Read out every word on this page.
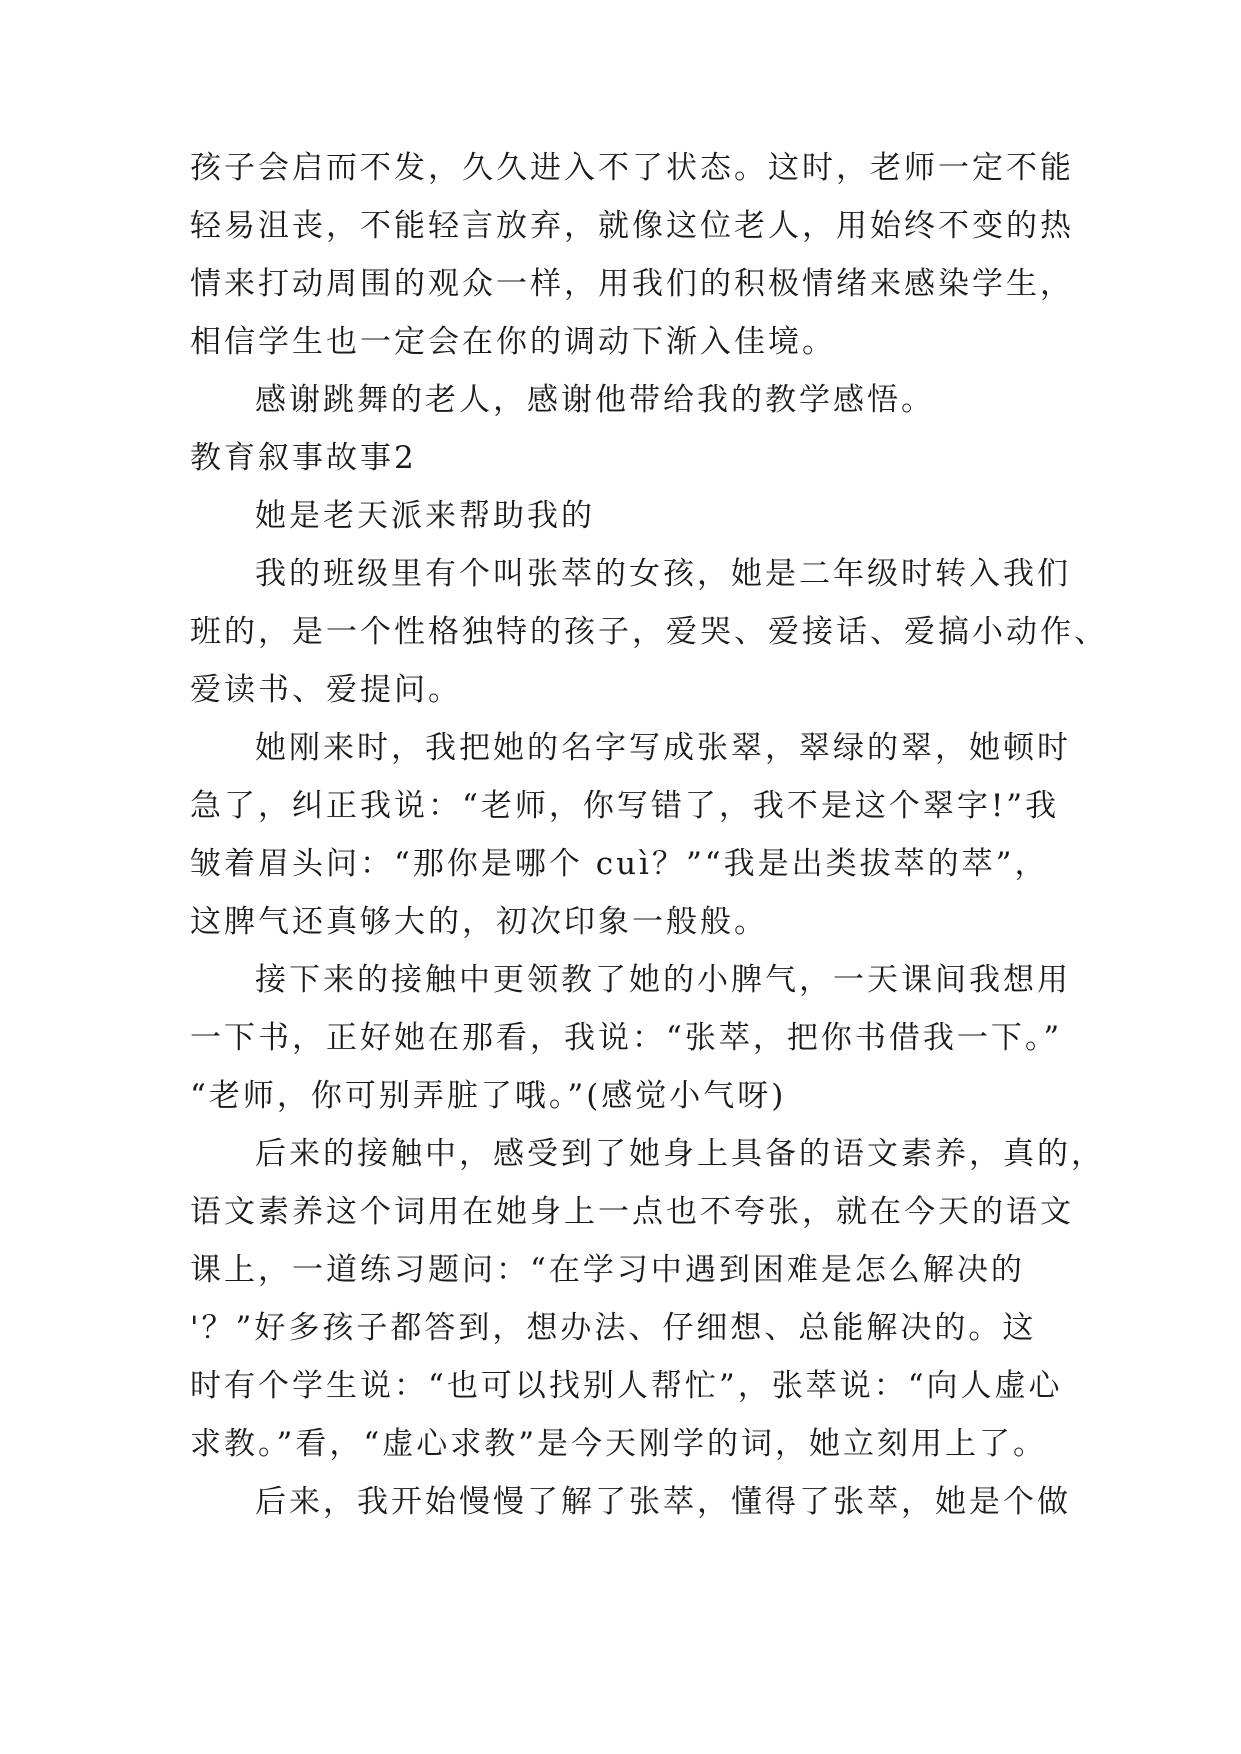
孩子会启而不发，久久进入不了状态。这时，老师一定不能
轻易沮丧，不能轻言放弃，就像这位老人，用始终不变的热
情来打动周围的观众一样，用我们的积极情绪来感染学生，
相信学生也一定会在你的调动下渐入佳境。
感谢跳舞的老人，感谢他带给我的教学感悟。
教育叙事故事2
她是老天派来帮助我的
我的班级里有个叫张萃的女孩，她是二年级时转入我们
班的，是一个性格独特的孩子，爱哭、爱接话、爱搞小动作、
爱读书、爱提问。
她刚来时，我把她的名字写成张翠，翠绿的翠，她顿时
急了，纠正我说：“老师，你写错了，我不是这个翠字!”我
皱着眉头问：“那你是哪个 cuì？”“我是出类拔萃的萃”，
这脾气还真够大的，初次印象一般般。
接下来的接触中更领教了她的小脾气，一天课间我想用
一下书，正好她在那看，我说：“张萃，把你书借我一下。”
“老师，你可别弄脏了哦。”(感觉小气呀)
后来的接触中，感受到了她身上具备的语文素养，真的，
语文素养这个词用在她身上一点也不夸张，就在今天的语文
课上，一道练习题问：“在学习中遇到困难是怎么解决的
'？”好多孩子都答到，想办法、仔细想、总能解决的。这
时有个学生说：“也可以找别人帮忙”，张萃说：“向人虚心
求教。”看，“虚心求教”是今天刚学的词，她立刻用上了。
后来，我开始慢慢了解了张萃，懂得了张萃，她是个做
